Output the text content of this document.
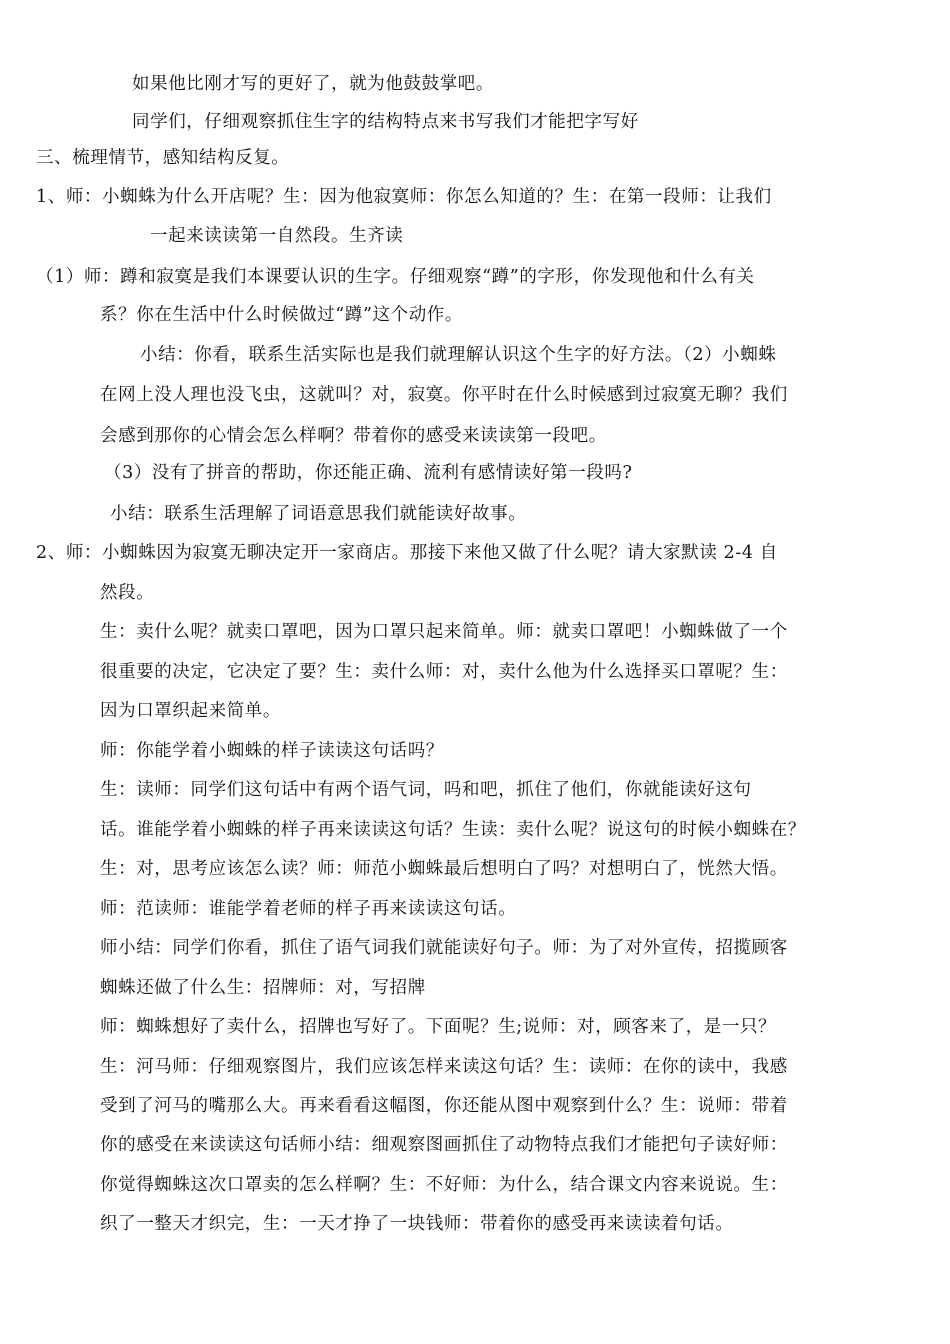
如果他比刚才写的更好了，就为他鼓鼓掌吧。
同学们，仔细观察抓住生字的结构特点来书写我们才能把字写好
三、梳理情节，感知结构反复。
1、师：小蜘蛛为什么开店呢？生：因为他寂寞师：你怎么知道的？生：在第一段师：让我们
一起来读读第一自然段。生齐读
（1）师：蹲和寂寞是我们本课要认识的生字。仔细观察“蹲”的字形，你发现他和什么有关
系？你在生活中什么时候做过“蹲”这个动作。
小结：你看，联系生活实际也是我们就理解认识这个生字的好方法。（2）小蜘蛛
在网上没人理也没飞虫，这就叫？对，寂寞。你平时在什么时候感到过寂寞无聊？我们
会感到那你的心情会怎么样啊？带着你的感受来读读第一段吧。
（3）没有了拼音的帮助，你还能正确、流利有感情读好第一段吗?
小结：联系生活理解了词语意思我们就能读好故事。
2、师：小蜘蛛因为寂寞无聊决定开一家商店。那接下来他又做了什么呢？请大家默读 2-4 自
然段。
生：卖什么呢？就卖口罩吧，因为口罩只起来简单。师：就卖口罩吧！小蜘蛛做了一个
很重要的决定，它决定了要？生：卖什么师：对，卖什么他为什么选择买口罩呢？生：
因为口罩织起来简单。
师：你能学着小蜘蛛的样子读读这句话吗？
生：读师：同学们这句话中有两个语气词，吗和吧，抓住了他们，你就能读好这句
话。谁能学着小蜘蛛的样子再来读读这句话？生读：卖什么呢？说这句的时候小蜘蛛在？
生：对，思考应该怎么读？师：师范小蜘蛛最后想明白了吗？对想明白了，恍然大悟。
师：范读师：谁能学着老师的样子再来读读这句话。
师小结：同学们你看，抓住了语气词我们就能读好句子。师：为了对外宣传，招揽顾客
蜘蛛还做了什么生：招牌师：对，写招牌
师：蜘蛛想好了卖什么，招牌也写好了。下面呢？生;说师：对，顾客来了，是一只？
生：河马师：仔细观察图片，我们应该怎样来读这句话？生：读师：在你的读中，我感
受到了河马的嘴那么大。再来看看这幅图，你还能从图中观察到什么？生：说师：带着
你的感受在来读读这句话师小结：细观察图画抓住了动物特点我们才能把句子读好师：
你觉得蜘蛛这次口罩卖的怎么样啊？生：不好师：为什么，结合课文内容来说说。生：
织了一整天才织完，生：一天才挣了一块钱师：带着你的感受再来读读着句话。
